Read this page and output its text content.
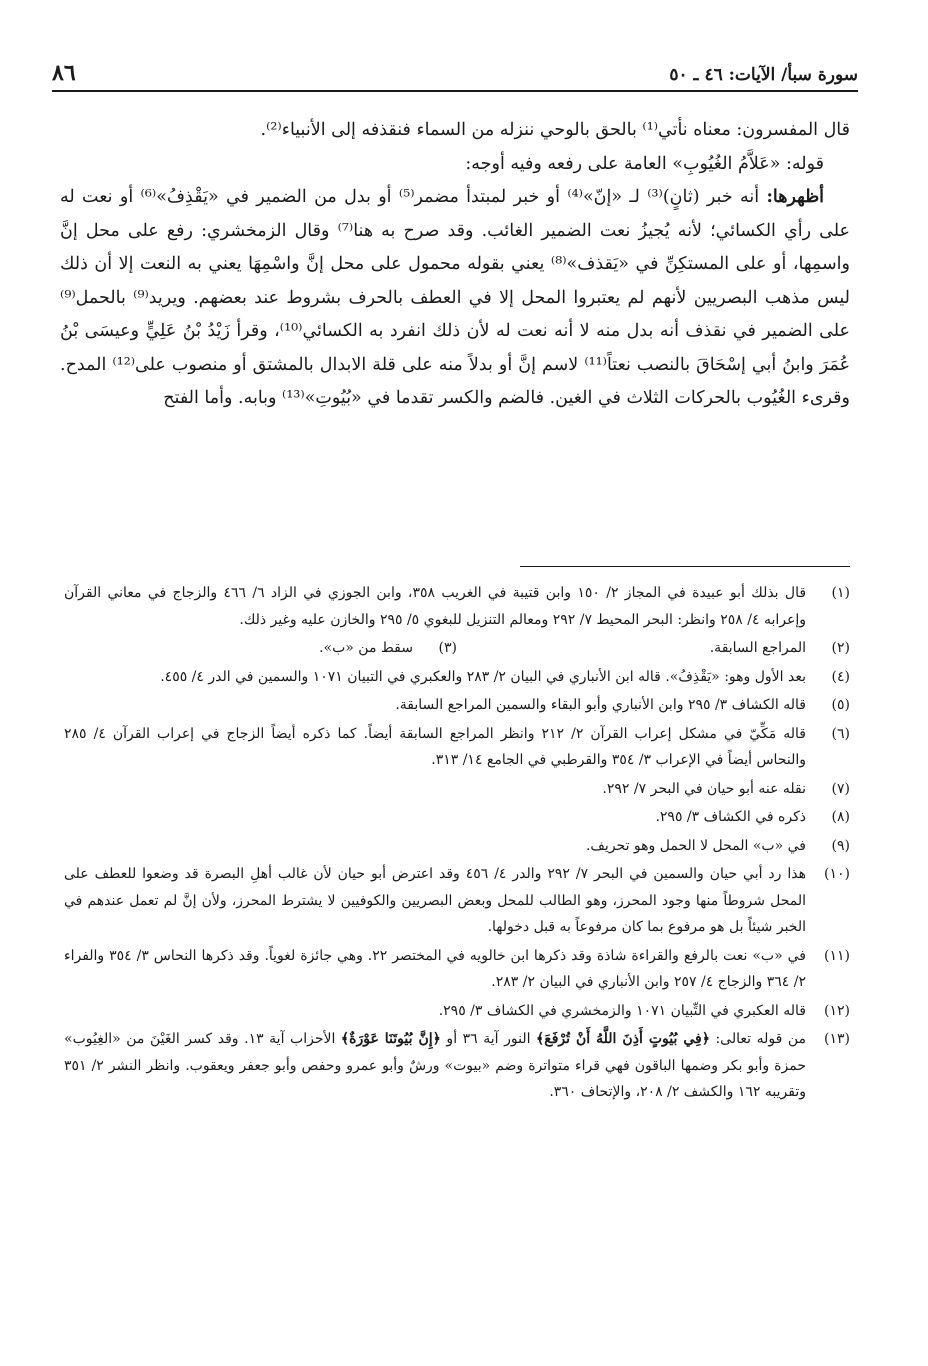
سورة سبأ/ الآيات: ٤٦ ـ ٥٠
٨٦

قال المفسرون: معناه نأتي⁽¹⁾ بالحق بالوحي ننزله من السماء فنقذفه إلى الأنبياء⁽²⁾.

قوله: «عَلاَّمُ الغُيُوبِ» العامة على رفعه وفيه أوجه:

أظهرها: أنه خبر (ثانٍ)⁽³⁾ لـ «إنّ»⁽⁴⁾ أو خبر لمبتدأ مضمر⁽⁵⁾ أو بدل من الضمير في «يَقْذِفُ»⁽⁶⁾ أو نعت له على رأي الكسائي؛ لأنه يُجيزُ نعت الضمير الغائب. وقد صرح به هنا⁽⁷⁾ وقال الزمخشري: رفع على محل إنَّ واسمِها، أو على المستكِنِّ في «يَقذف»⁽⁸⁾ يعني بقوله محمول على محل إنَّ واسْمِهَا يعني به النعت إلا أن ذلك ليس مذهب البصريين لأنهم لم يعتبروا المحل إلا في العطف بالحرف بشروط عند بعضهم. ويريد⁽⁹⁾ بالحمل⁽⁹⁾ على الضمير في نقذف أنه بدل منه لا أنه نعت له لأن ذلك انفرد به الكسائي⁽¹⁰⁾، وقرأ زَيْدُ بْنُ عَلِيٍّ وعيسَى بْنُ عُمَرَ وابنُ أبي إسْحَاقَ بالنصب نعتاً⁽¹¹⁾ لاسم إنَّ أو بدلاً منه على قلة الابدال بالمشتق أو منصوب على⁽¹²⁾ المدح. وقرىء الغُيُوب بالحركات الثلاث في الغين. فالضم والكسر تقدما في «بُيُوتِ»⁽¹³⁾ وبابه. وأما الفتح

(١)
قال بذلك أبو عبيدة في المجاز ٢/ ١٥٠ وابن قتيبة في الغريب ٣٥٨، وابن الجوزي في الزاد ٦/ ٤٦٦ والزجاج في معاني القرآن وإعرابه ٤/ ٢٥٨ وانظر: البحر المحيط ٧/ ٢٩٢ ومعالم التنزيل للبغوي ٥/ ٢٩٥ والخازن عليه وغير ذلك.
(٢)
المراجع السابقة.
(٣)
سقط من «ب».
(٤)
بعد الأول وهو: «يَقْذِفُ». قاله ابن الأنباري في البيان ٢/ ٢٨٣ والعكبري في التبيان ١٠٧١ والسمين في الدر ٤/ ٤٥٥.
(٥)
قاله الكشاف ٣/ ٢٩٥ وابن الأنباري وأبو البقاء والسمين المراجع السابقة.
(٦)
قاله مَكِّيّ في مشكل إعراب القرآن ٢/ ٢١٢ وانظر المراجع السابقة أيضاً. كما ذكره أيضاً الزجاج في إعراب القرآن ٤/ ٢٨٥ والنحاس أيضاً في الإعراب ٣/ ٣٥٤ والقرطبي في الجامع ١٤/ ٣١٣.
(٧)
نقله عنه أبو حيان في البحر ٧/ ٢٩٢.
(٨)
ذكره في الكشاف ٣/ ٢٩٥.
(٩)
في «ب» المحل لا الحمل وهو تحريف.
(١٠)
هذا رد أبي حيان والسمين في البحر ٧/ ٢٩٢ والدر ٤/ ٤٥٦ وقد اعترض أبو حيان لأن غالب أهلِ البصرة قد وضعوا للعطف على المحل شروطاً منها وجود المحرز، وهو الطالب للمحل وبعض البصريين والكوفيين لا يشترط المحرز، ولأن إنَّ لم تعمل عندهم في الخبر شيئاً بل هو مرفوع بما كان مرفوعاً به قبل دخولها.
(١١)
في «ب» نعت بالرفع والقراءة شاذة وقد ذكرها ابن خالويه في المختصر ٢٢. وهي جائزة لغوياً. وقد ذكرها النحاس ٣/ ٣٥٤ والفراء ٢/ ٣٦٤ والزجاج ٤/ ٢٥٧ وابن الأنباري في البيان ٢/ ٢٨٣.
(١٢)
قاله العكبري في التِّبيان ١٠٧١ والزمخشري في الكشاف ٣/ ٢٩٥.
(١٣)
من قوله تعالى: ﴿فِي بُيُوتٍ أَذِنَ اللَّهُ أَنْ تُرْفَعَ﴾ النور آية ٣٦ أو ﴿إِنَّ بُيُوتَنَا عَوْرَةٌ﴾ الأحزاب آية ١٣. وقد كسر الغَيْنَ من «الغِيُوب» حمزة وأبو بكر وضمها الباقون فهي قراء متواترة وضم «بيوت» ورشٌ وأبو عمرو وحفص وأبو جعفر ويعقوب. وانظر النشر ٢/ ٣٥١ وتقريبه ١٦٢ والكشف ٢/ ٢٠٨، والإتحاف ٣٦٠.
